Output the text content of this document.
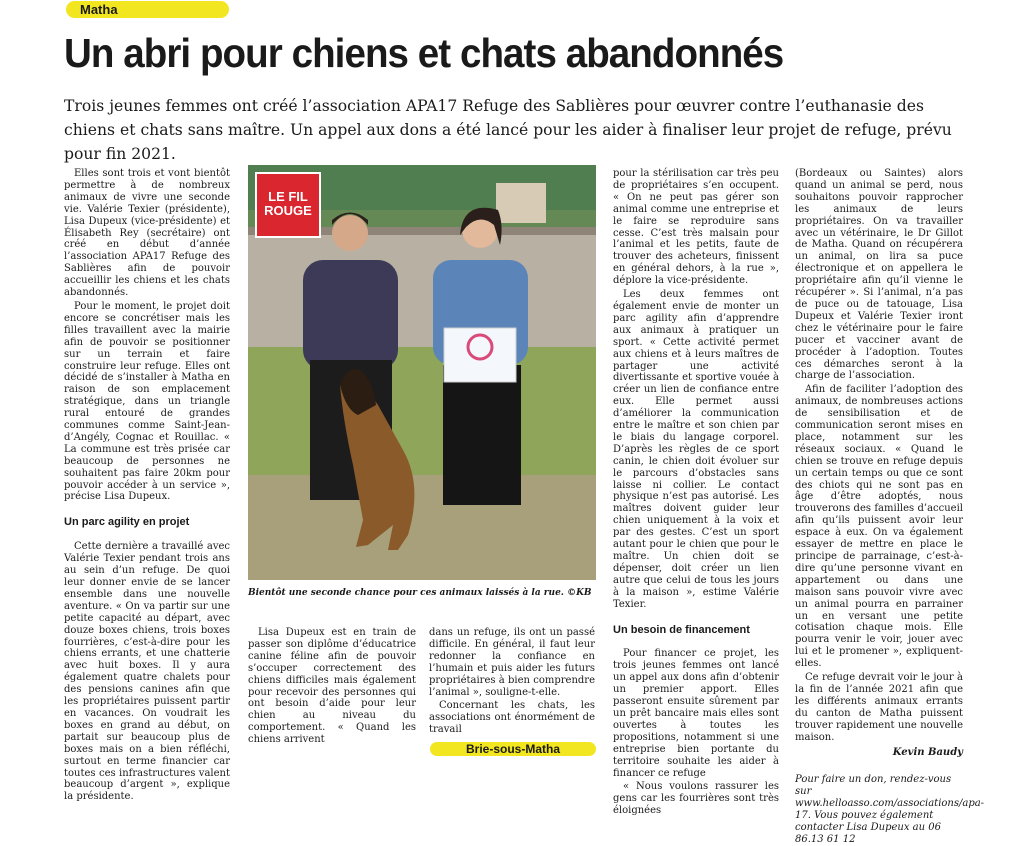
Matha
Un abri pour chiens et chats abandonnés

Trois jeunes femmes ont créé l’association APA17 Refuge des Sablières pour œuvrer contre l’euthanasie des chiens et chats sans maître. Un appel aux dons a été lancé pour les aider à finaliser leur projet de refuge, prévu pour fin 2021.

Elles sont trois et vont bientôt permettre à de nombreux animaux de vivre une seconde vie. Valérie Texier (présidente), Lisa Dupeux (vice-présidente) et Élisabeth Rey (secrétaire) ont créé en début d’année l’association APA17 Refuge des Sablières afin de pouvoir accueillir les chiens et les chats abandonnés.

Pour le moment, le projet doit encore se concrétiser mais les filles travaillent avec la mairie afin de pouvoir se positionner sur un terrain et faire construire leur refuge. Elles ont décidé de s’installer à Matha en raison de son emplacement stratégique, dans un triangle rural entouré de grandes communes comme Saint-Jean-d’Angély, Cognac et Rouillac. « La commune est très prisée car beaucoup de personnes ne souhaitent pas faire 20km pour pouvoir accéder à un service », précise Lisa Dupeux.

Un parc agility en projet

Cette dernière a travaillé avec Valérie Texier pendant trois ans au sein d’un refuge. De quoi leur donner envie de se lancer ensemble dans une nouvelle aventure. « On va partir sur une petite capacité au départ, avec douze boxes chiens, trois boxes fourrières, c’est-à-dire pour les chiens errants, et une chatterie avec huit boxes. Il y aura également quatre chalets pour des pensions canines afin que les propriétaires puissent partir en vacances. On voudrait les boxes en grand au début, on partait sur beaucoup plus de boxes mais on a bien réfléchi, surtout en terme financier car toutes ces infrastructures valent beaucoup d’argent », explique la présidente.

LE FIL
ROUGE
Bientôt une seconde chance pour ces animaux laissés à la rue. ©KB

Lisa Dupeux est en train de passer son diplôme d’éducatrice canine féline afin de pouvoir s’occuper correctement des chiens difficiles mais également pour recevoir des personnes qui ont besoin d’aide pour leur chien au niveau du comportement. « Quand les chiens arrivent

dans un refuge, ils ont un passé difficile. En général, il faut leur redonner la confiance en l’humain et puis aider les futurs propriétaires à bien comprendre l’animal », souligne-t-elle.

Concernant les chats, les associations ont énormément de travail

pour la stérilisation car très peu de propriétaires s’en occupent. « On ne peut pas gérer son animal comme une entreprise et le faire se reproduire sans cesse. C’est très malsain pour l’animal et les petits, faute de trouver des acheteurs, finissent en général dehors, à la rue », déplore la vice-présidente.

Les deux femmes ont également envie de monter un parc agility afin d’apprendre aux animaux à pratiquer un sport. « Cette activité permet aux chiens et à leurs maîtres de partager une activité divertissante et sportive vouée à créer un lien de confiance entre eux. Elle permet aussi d’améliorer la communication entre le maître et son chien par le biais du langage corporel. D’après les règles de ce sport canin, le chien doit évoluer sur le parcours d’obstacles sans laisse ni collier. Le contact physique n’est pas autorisé. Les maîtres doivent guider leur chien uniquement à la voix et par des gestes. C’est un sport autant pour le chien que pour le maître. Un chien doit se dépenser, doit créer un lien autre que celui de tous les jours à la maison », estime Valérie Texier.

Un besoin de financement

Pour financer ce projet, les trois jeunes femmes ont lancé un appel aux dons afin d’obtenir un premier apport. Elles passeront ensuite sûrement par un prêt bancaire mais elles sont ouvertes à toutes les propositions, notamment si une entreprise bien portante du territoire souhaite les aider à financer ce refuge

« Nous voulons rassurer les gens car les fourrières sont très éloignées

(Bordeaux ou Saintes) alors quand un animal se perd, nous souhaitons pouvoir rapprocher les animaux de leurs propriétaires. On va travailler avec un vétérinaire, le Dr Gillot de Matha. Quand on récupérera un animal, on lira sa puce électronique et on appellera le propriétaire afin qu’il vienne le récupérer ». Si l’animal, n’a pas de puce ou de tatouage, Lisa Dupeux et Valérie Texier iront chez le vétérinaire pour le faire pucer et vacciner avant de procéder à l’adoption. Toutes ces démarches seront à la charge de l’association.

Afin de faciliter l’adoption des animaux, de nombreuses actions de sensibilisation et de communication seront mises en place, notamment sur les réseaux sociaux. « Quand le chien se trouve en refuge depuis un certain temps ou que ce sont des chiots qui ne sont pas en âge d’être adoptés, nous trouverons des familles d’accueil afin qu’ils puissent avoir leur espace à eux. On va également essayer de mettre en place le principe de parrainage, c’est-à-dire qu’une personne vivant en appartement ou dans une maison sans pouvoir vivre avec un animal pourra en parrainer un en versant une petite cotisation chaque mois. Elle pourra venir le voir, jouer avec lui et le promener », expliquent-elles.

Ce refuge devrait voir le jour à la fin de l’année 2021 afin que les différents animaux errants du canton de Matha puissent trouver rapidement une nouvelle maison.

Kevin Baudy

Pour faire un don, rendez-vous sur www.helloasso.com/associations/apa-17. Vous pouvez également contacter Lisa Dupeux au 06 86.13 61 12

Brie-sous-Matha
